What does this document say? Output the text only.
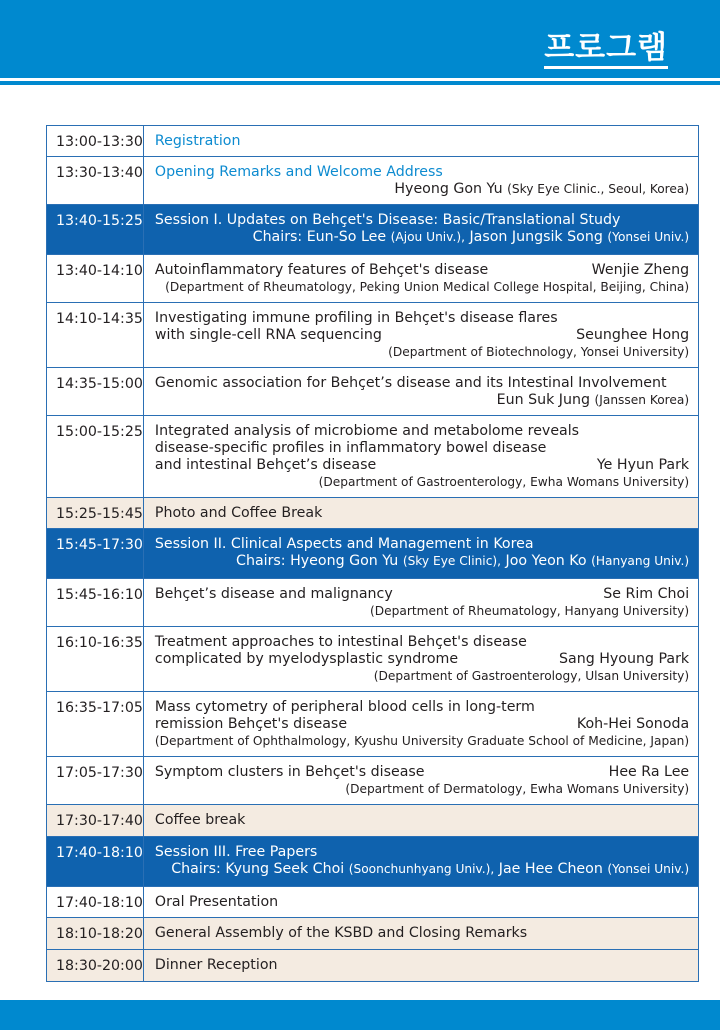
프로그램
13:00-13:30	Registration

13:30-13:40	Opening Remarks and Welcome Address
Hyeong Gon Yu (Sky Eye Clinic., Seoul, Korea)

13:40-15:25	Session I. Updates on Behçet's Disease: Basic/Translational Study
Chairs: Eun-So Lee (Ajou Univ.), Jason Jungsik Song (Yonsei Univ.)

13:40-14:10	Autoinflammatory features of Behçet's disease Wenjie Zheng
(Department of Rheumatology, Peking Union Medical College Hospital, Beijing, China)

14:10-14:35	Investigating immune profiling in Behçet's disease flares
with single-cell RNA sequencing Seunghee Hong
(Department of Biotechnology, Yonsei University)

14:35-15:00	Genomic association for Behçet’s disease and its Intestinal Involvement
Eun Suk Jung (Janssen Korea)

15:00-15:25	Integrated analysis of microbiome and metabolome reveals
disease-specific profiles in inflammatory bowel disease
and intestinal Behçet’s disease Ye Hyun Park
(Department of Gastroenterology, Ewha Womans University)

15:25-15:45	Photo and Coffee Break

15:45-17:30	Session II. Clinical Aspects and Management in Korea
Chairs: Hyeong Gon Yu (Sky Eye Clinic), Joo Yeon Ko (Hanyang Univ.)

15:45-16:10	Behçet’s disease and malignancy Se Rim Choi
(Department of Rheumatology, Hanyang University)

16:10-16:35	Treatment approaches to intestinal Behçet's disease
complicated by myelodysplastic syndrome Sang Hyoung Park
(Department of Gastroenterology, Ulsan University)

16:35-17:05	Mass cytometry of peripheral blood cells in long-term
remission Behçet's disease Koh-Hei Sonoda
(Department of Ophthalmology, Kyushu University Graduate School of Medicine, Japan)

17:05-17:30	Symptom clusters in Behçet's disease Hee Ra Lee
(Department of Dermatology, Ewha Womans University)

17:30-17:40	Coffee break

17:40-18:10	Session III. Free Papers
Chairs: Kyung Seek Choi (Soonchunhyang Univ.), Jae Hee Cheon (Yonsei Univ.)

17:40-18:10	Oral Presentation

18:10-18:20	General Assembly of the KSBD and Closing Remarks

18:30-20:00	Dinner Reception
